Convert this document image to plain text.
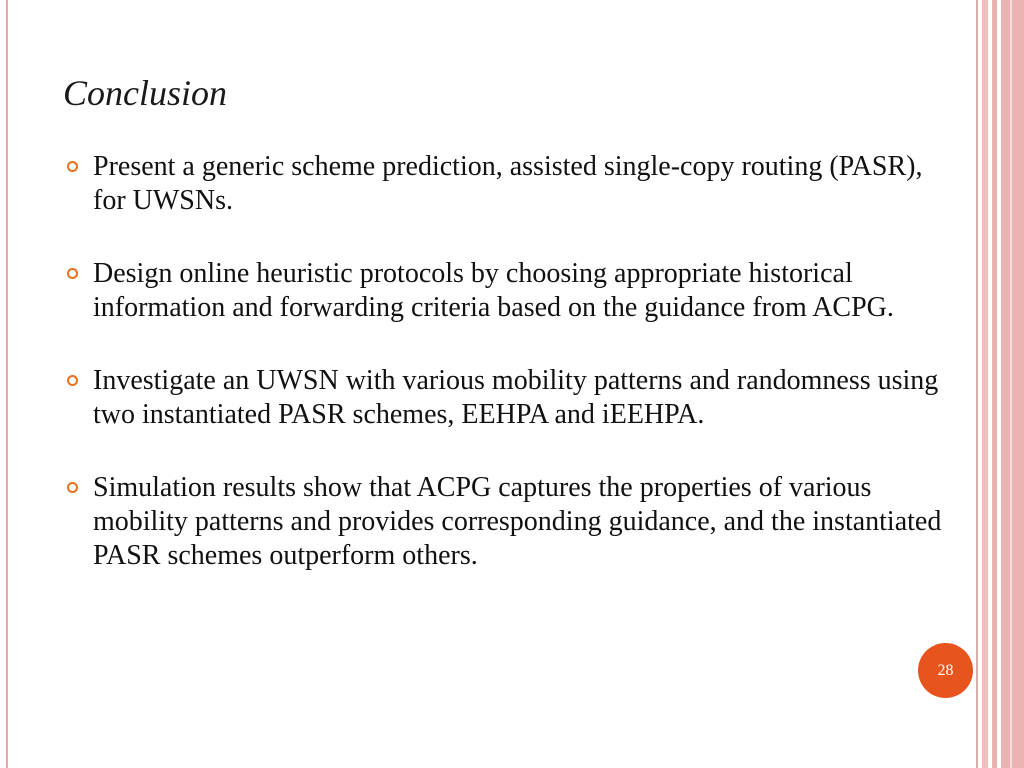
Conclusion
Present a generic scheme prediction, assisted single-copy routing (PASR), for UWSNs.
Design online heuristic protocols by choosing appropriate historical information and forwarding criteria based on the guidance from ACPG.
Investigate an UWSN with various mobility patterns and randomness using two instantiated PASR schemes, EEHPA and iEEHPA.
Simulation results show that ACPG captures the properties of various mobility patterns and provides corresponding guidance, and the instantiated PASR schemes outperform others.
28
